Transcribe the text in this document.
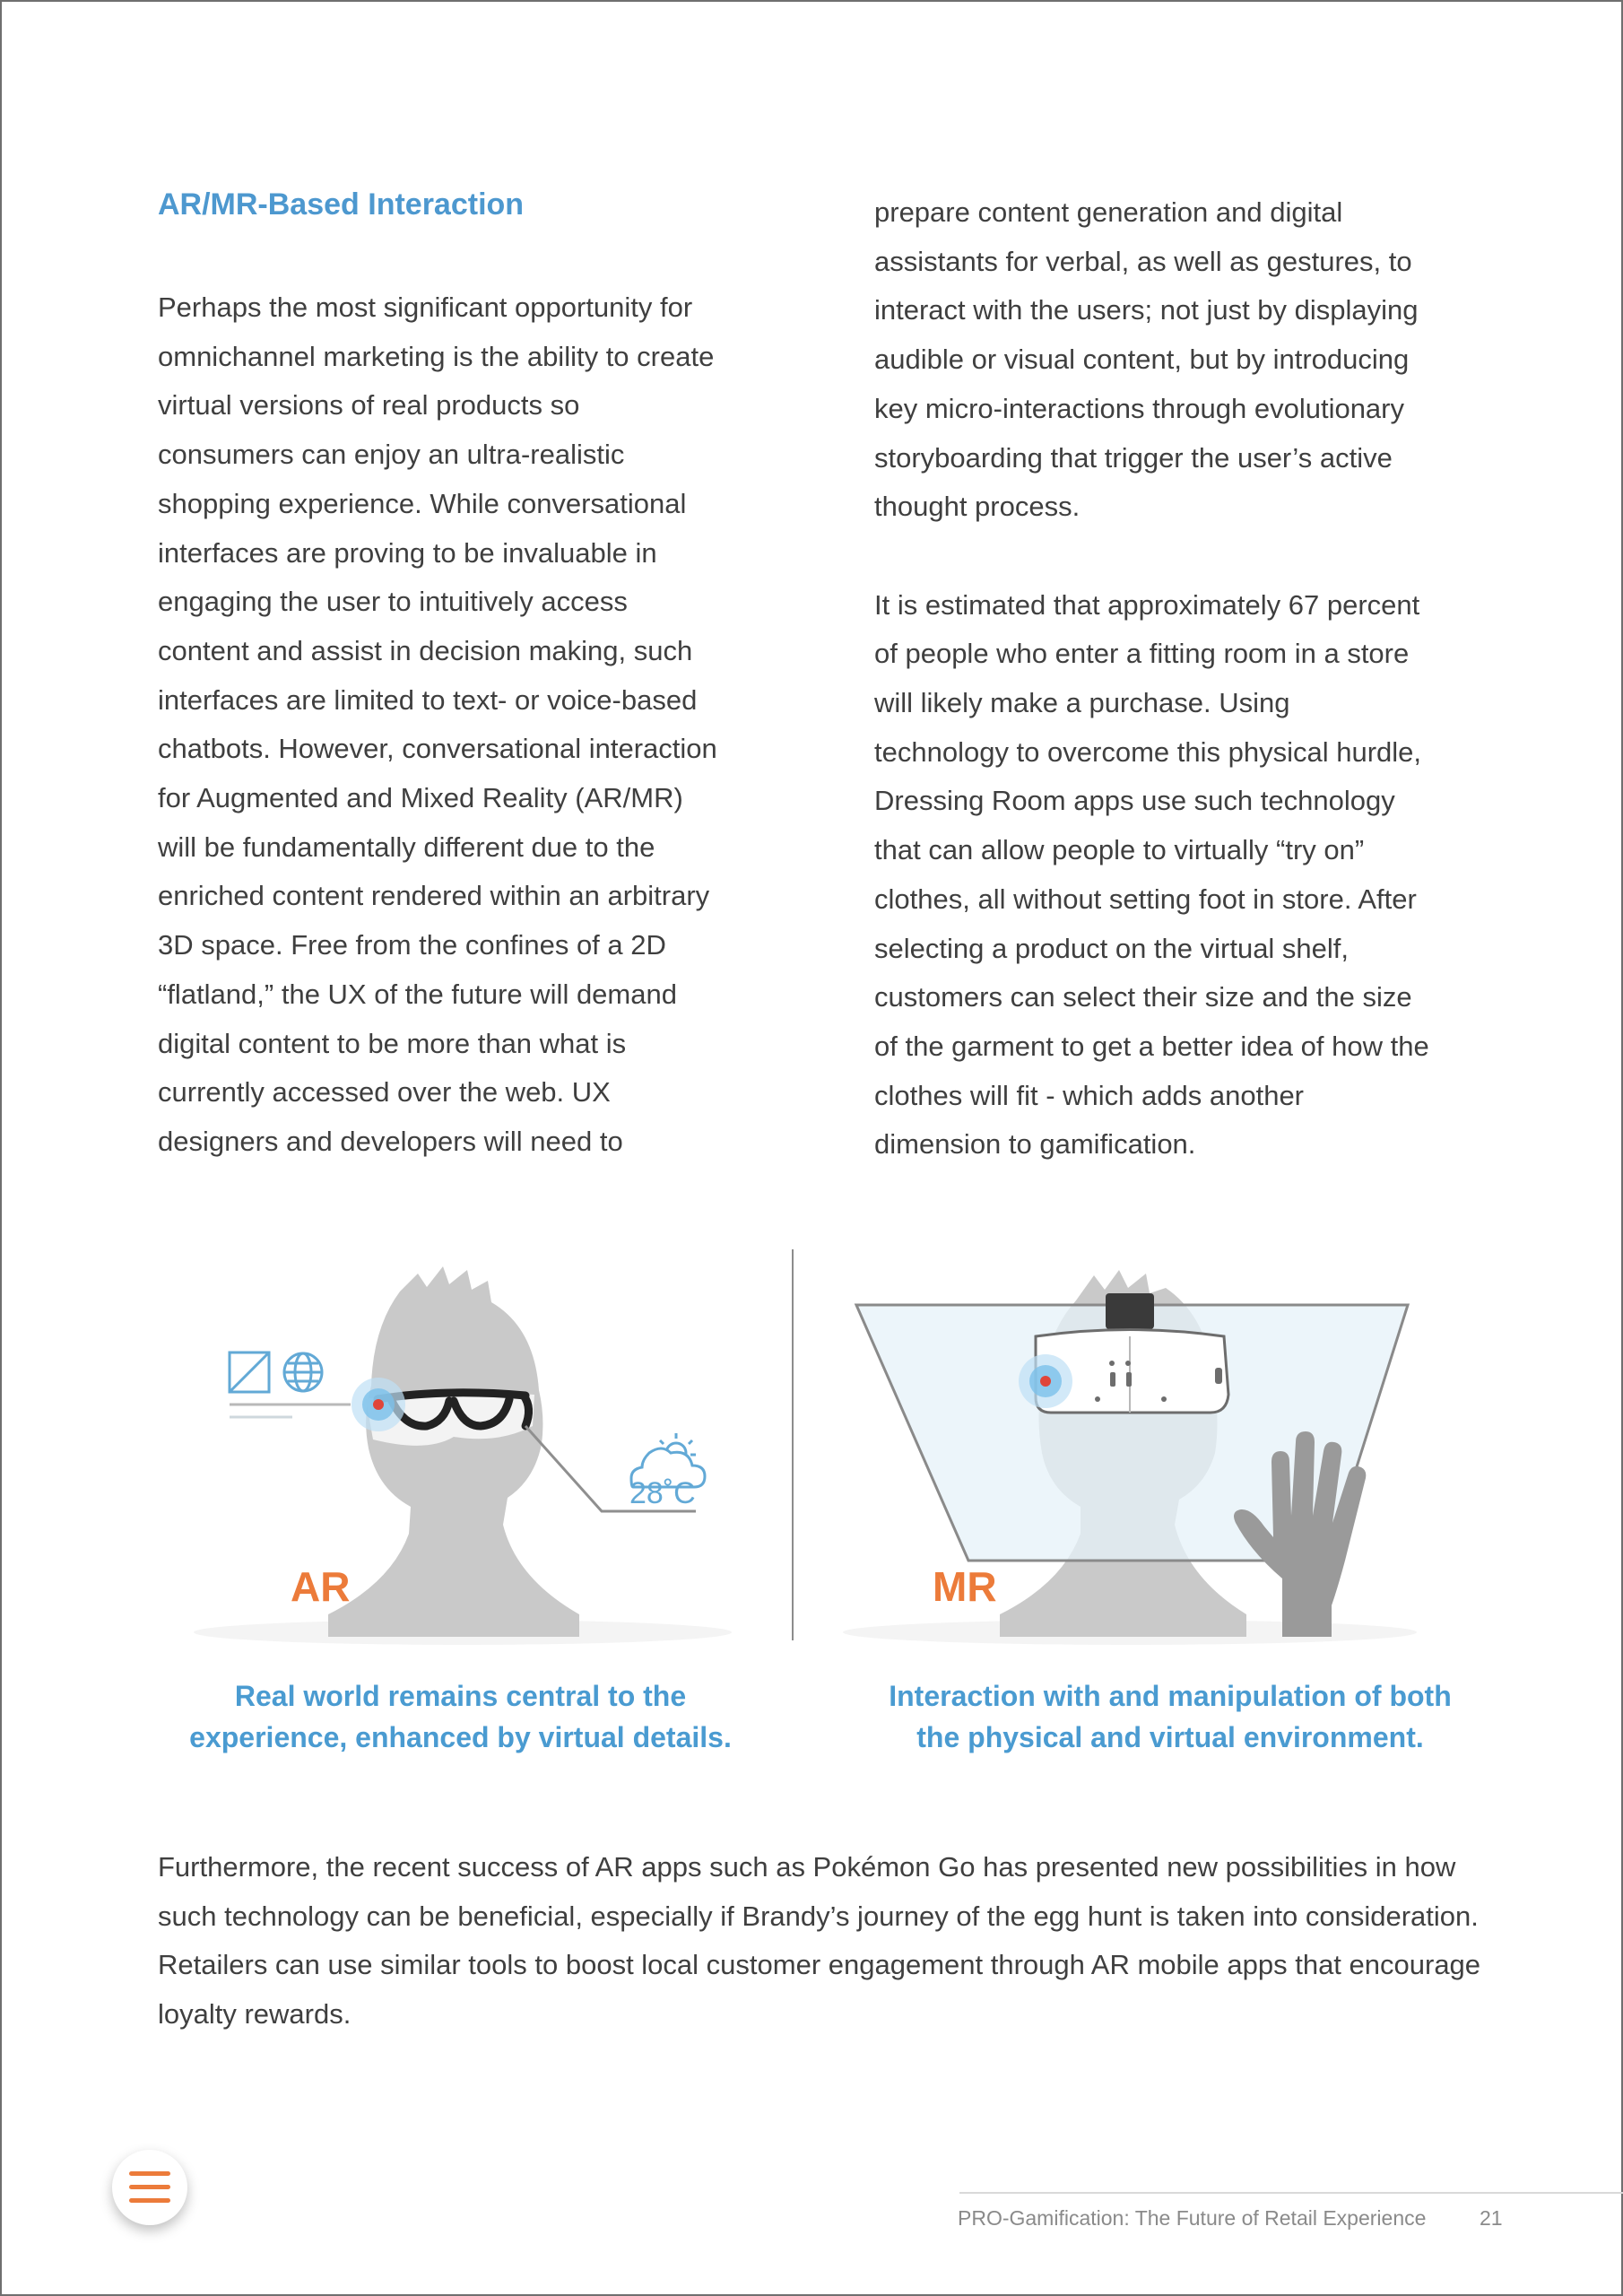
AR/MR-Based Interaction

Perhaps the most significant opportunity for
omnichannel marketing is the ability to create
virtual versions of real products so
consumers can enjoy an ultra-realistic
shopping experience. While conversational
interfaces are proving to be invaluable in
engaging the user to intuitively access
content and assist in decision making, such
interfaces are limited to text- or voice-based
chatbots. However, conversational interaction
for Augmented and Mixed Reality (AR/MR)
will be fundamentally different due to the
enriched content rendered within an arbitrary
3D space. Free from the confines of a 2D
“flatland,” the UX of the future will demand
digital content to be more than what is
currently accessed over the web. UX
designers and developers will need to

prepare content generation and digital
assistants for verbal, as well as gestures, to
interact with the users; not just by displaying
audible or visual content, but by introducing
key micro-interactions through evolutionary
storyboarding that trigger the user’s active
thought process.

It is estimated that approximately 67 percent
of people who enter a fitting room in a store
will likely make a purchase. Using
technology to overcome this physical hurdle,
Dressing Room apps use such technology
that can allow people to virtually “try on”
clothes, all without setting foot in store. After
selecting a product on the virtual shelf,
customers can select their size and the size
of the garment to get a better idea of how the
clothes will fit - which adds another
dimension to gamification.

28˚C
AR	MR
Real world remains central to the
experience, enhanced by virtual details.
Interaction with and manipulation of both
the physical and virtual environment.

Furthermore, the recent success of AR apps such as Pokémon Go has presented new possibilities in how such technology can be beneficial, especially if Brandy’s journey of the egg hunt is taken into consideration. Retailers can use similar tools to boost local customer engagement through AR mobile apps that encourage loyalty rewards.

PRO-Gamification: The Future of Retail Experience	21
